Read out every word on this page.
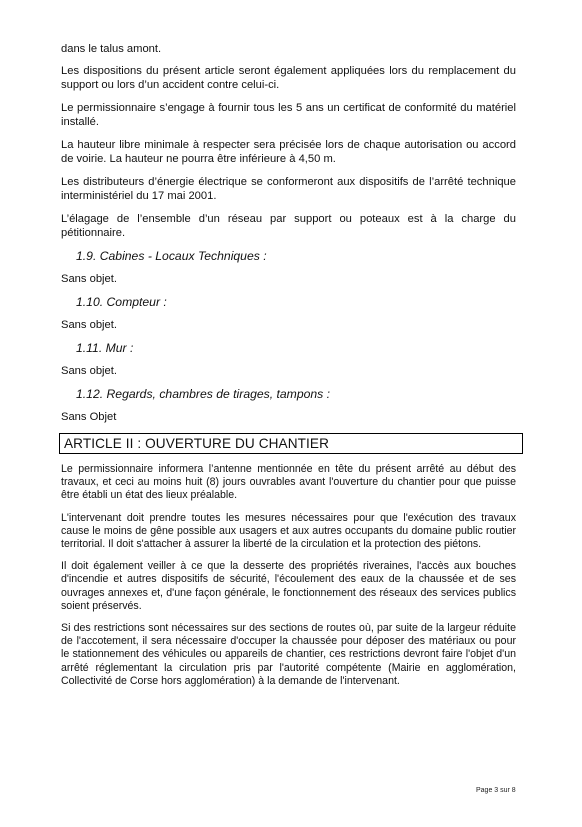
dans le talus amont.

Les dispositions du présent article seront également appliquées lors du remplacement du support ou lors d’un accident contre celui-ci.

Le permissionnaire s’engage à fournir tous les 5 ans un certificat de conformité du matériel installé.

La hauteur libre minimale à respecter sera précisée lors de chaque autorisation ou accord de voirie. La hauteur ne pourra être inférieure à 4,50 m.

Les distributeurs d’énergie électrique se conformeront aux dispositifs de l’arrêté technique interministériel du 17 mai 2001.

L’élagage de l’ensemble d’un réseau par support ou poteaux est à la charge du pétitionnaire.

1.9. Cabines - Locaux Techniques :

Sans objet.

1.10. Compteur :

Sans objet.

1.11. Mur :

Sans objet.

1.12. Regards, chambres de tirages, tampons :

Sans Objet

ARTICLE II : OUVERTURE DU CHANTIER

Le permissionnaire informera l’antenne mentionnée en tête du présent arrêté au début des travaux, et ceci au moins huit (8) jours ouvrables avant l'ouverture du chantier pour que puisse être établi un état des lieux préalable.

L'intervenant doit prendre toutes les mesures nécessaires pour que l'exécution des travaux cause le moins de gêne possible aux usagers et aux autres occupants du domaine public routier territorial. Il doit s'attacher à assurer la liberté de la circulation et la protection des piétons.

Il doit également veiller à ce que la desserte des propriétés riveraines, l'accès aux bouches d'incendie et autres dispositifs de sécurité, l'écoulement des eaux de la chaussée et de ses ouvrages annexes et, d'une façon générale, le fonctionnement des réseaux des services publics soient préservés.

Si des restrictions sont nécessaires sur des sections de routes où, par suite de la largeur réduite de l'accotement, il sera nécessaire d'occuper la chaussée pour déposer des matériaux ou pour le stationnement des véhicules ou appareils de chantier, ces restrictions devront faire l'objet d'un arrêté réglementant la circulation pris par l'autorité compétente (Mairie en agglomération, Collectivité de Corse hors agglomération) à la demande de l'intervenant.

Page 3 sur 8
